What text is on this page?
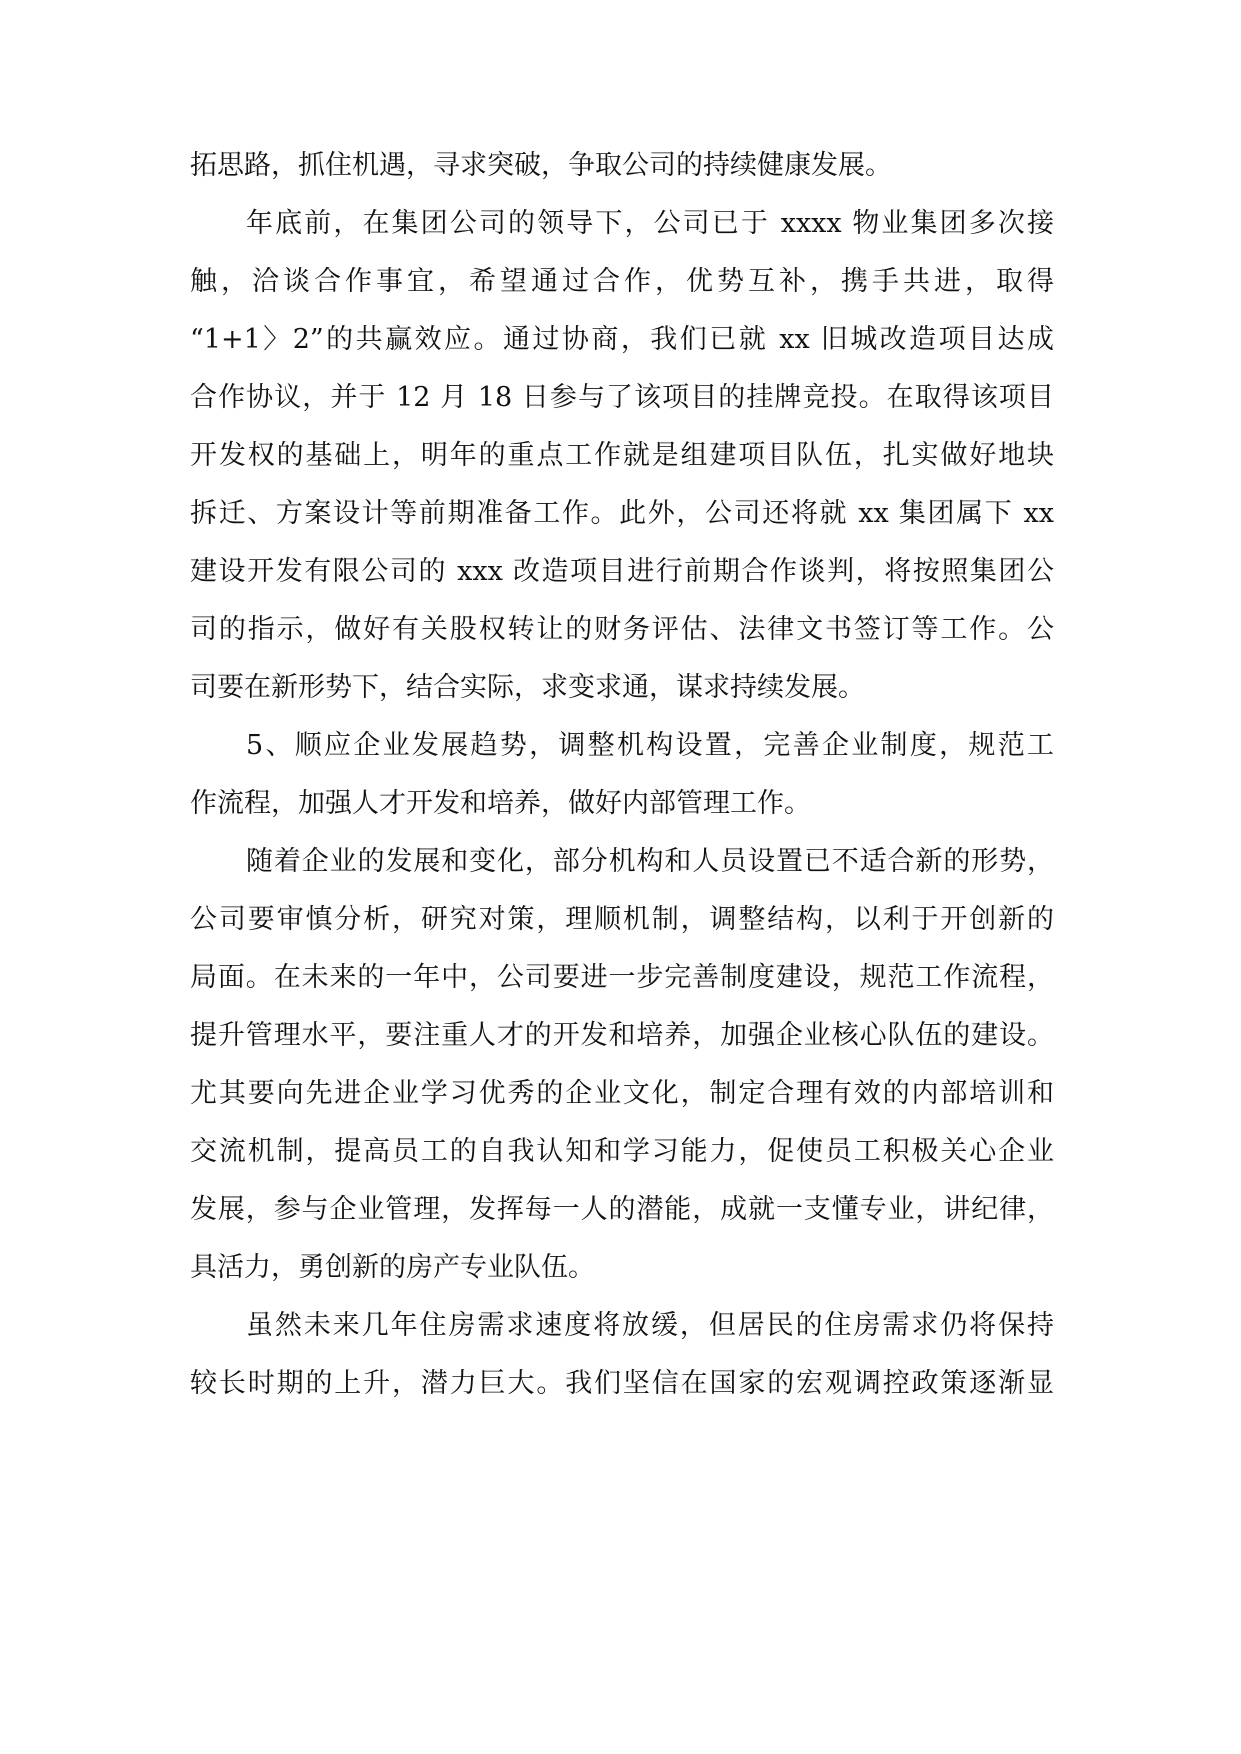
拓思路，抓住机遇，寻求突破，争取公司的持续健康发展。

年底前，在集团公司的领导下，公司已于 xxxx 物业集团多次接

触，洽谈合作事宜，希望通过合作，优势互补，携手共进，取得

“1+1〉2”的共赢效应。通过协商，我们已就 xx 旧城改造项目达成

合作协议，并于 12 月 18 日参与了该项目的挂牌竞投。在取得该项目

开发权的基础上，明年的重点工作就是组建项目队伍，扎实做好地块

拆迁、方案设计等前期准备工作。此外，公司还将就 xx 集团属下 xx

建设开发有限公司的 xxx 改造项目进行前期合作谈判，将按照集团公

司的指示，做好有关股权转让的财务评估、法律文书签订等工作。公

司要在新形势下，结合实际，求变求通，谋求持续发展。

5、顺应企业发展趋势，调整机构设置，完善企业制度，规范工

作流程，加强人才开发和培养，做好内部管理工作。

随着企业的发展和变化，部分机构和人员设置已不适合新的形势，

公司要审慎分析，研究对策，理顺机制，调整结构，以利于开创新的

局面。在未来的一年中，公司要进一步完善制度建设，规范工作流程，

提升管理水平，要注重人才的开发和培养，加强企业核心队伍的建设。

尤其要向先进企业学习优秀的企业文化，制定合理有效的内部培训和

交流机制，提高员工的自我认知和学习能力，促使员工积极关心企业

发展，参与企业管理，发挥每一人的潜能，成就一支懂专业，讲纪律，

具活力，勇创新的房产专业队伍。

虽然未来几年住房需求速度将放缓，但居民的住房需求仍将保持

较长时期的上升，潜力巨大。我们坚信在国家的宏观调控政策逐渐显
